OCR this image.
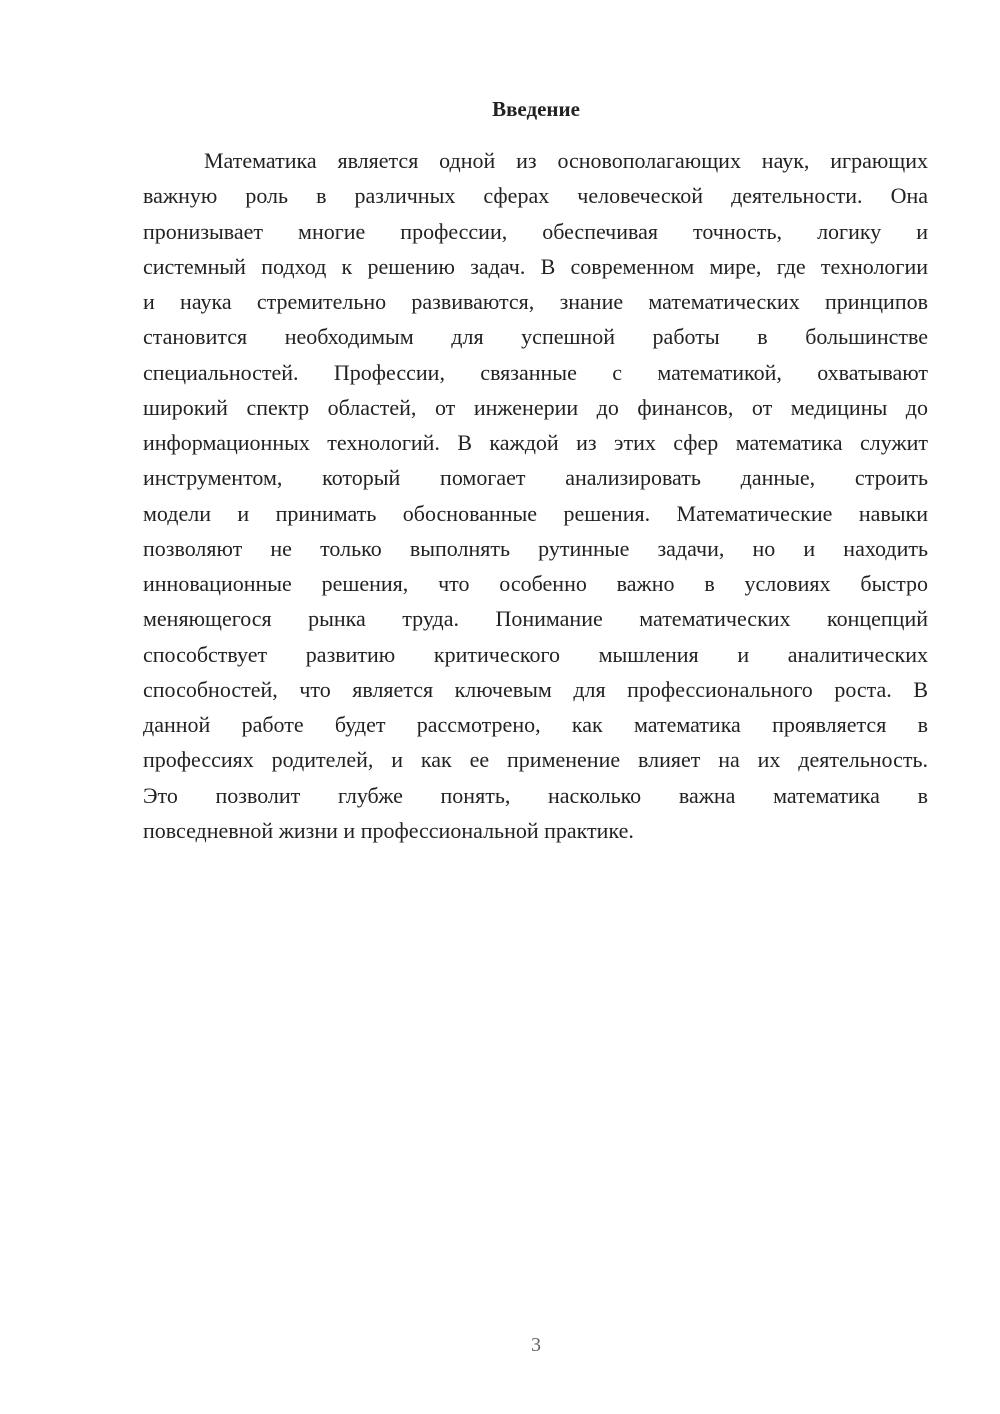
Введение
Математика является одной из основополагающих наук, играющих
важную роль в различных сферах человеческой деятельности. Она
пронизывает многие профессии, обеспечивая точность, логику и
системный подход к решению задач. В современном мире, где технологии
и наука стремительно развиваются, знание математических принципов
становится необходимым для успешной работы в большинстве
специальностей. Профессии, связанные с математикой, охватывают
широкий спектр областей, от инженерии до финансов, от медицины до
информационных технологий. В каждой из этих сфер математика служит
инструментом, который помогает анализировать данные, строить
модели и принимать обоснованные решения. Математические навыки
позволяют не только выполнять рутинные задачи, но и находить
инновационные решения, что особенно важно в условиях быстро
меняющегося рынка труда. Понимание математических концепций
способствует развитию критического мышления и аналитических
способностей, что является ключевым для профессионального роста. В
данной работе будет рассмотрено, как математика проявляется в
профессиях родителей, и как ее применение влияет на их деятельность.
Это позволит глубже понять, насколько важна математика в
повседневной жизни и профессиональной практике.
3
